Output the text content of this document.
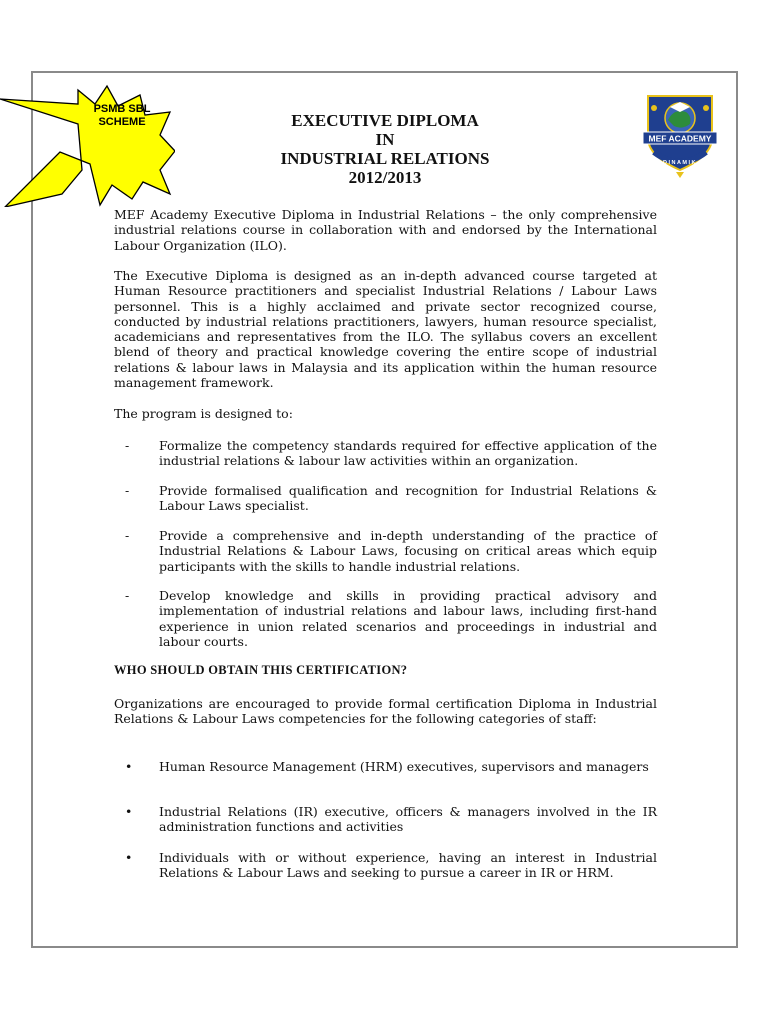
PSMB SBL
SCHEME	EXECUTIVE DIPLOMA
IN
INDUSTRIAL RELATIONS
2012/2013
MEF ACADEMY
DINAMIK

MEF Academy Executive Diploma in Industrial Relations – the only comprehensive industrial relations course in collaboration with and endorsed by the International Labour Organization (ILO).

The Executive Diploma is designed as an in-depth advanced course targeted at Human Resource practitioners and specialist Industrial Relations / Labour Laws personnel. This is a highly acclaimed and private sector recognized course, conducted by industrial relations practitioners, lawyers, human resource specialist, academicians and representatives from the ILO. The syllabus covers an excellent blend of theory and practical knowledge covering the entire scope of industrial relations & labour laws in Malaysia and its application within the human resource management framework.

The program is designed to:

- Formalize the competency standards required for effective application of the industrial relations & labour law activities within an organization.
- Provide formalised qualification and recognition for Industrial Relations & Labour Laws specialist.
- Provide a comprehensive and in-depth understanding of the practice of Industrial Relations & Labour Laws, focusing on critical areas which equip participants with the skills to handle industrial relations.
- Develop knowledge and skills in providing practical advisory and implementation of industrial relations and labour laws, including first-hand experience in union related scenarios and proceedings in industrial and labour courts.
WHO SHOULD OBTAIN THIS CERTIFICATION?

Organizations are encouraged to provide formal certification Diploma in Industrial Relations & Labour Laws competencies for the following categories of staff:

• Human Resource Management (HRM) executives, supervisors and managers
• Industrial Relations (IR) executive, officers & managers involved in the IR administration functions and activities
• Individuals with or without experience, having an interest in Industrial Relations & Labour Laws and seeking to pursue a career in IR or HRM.
